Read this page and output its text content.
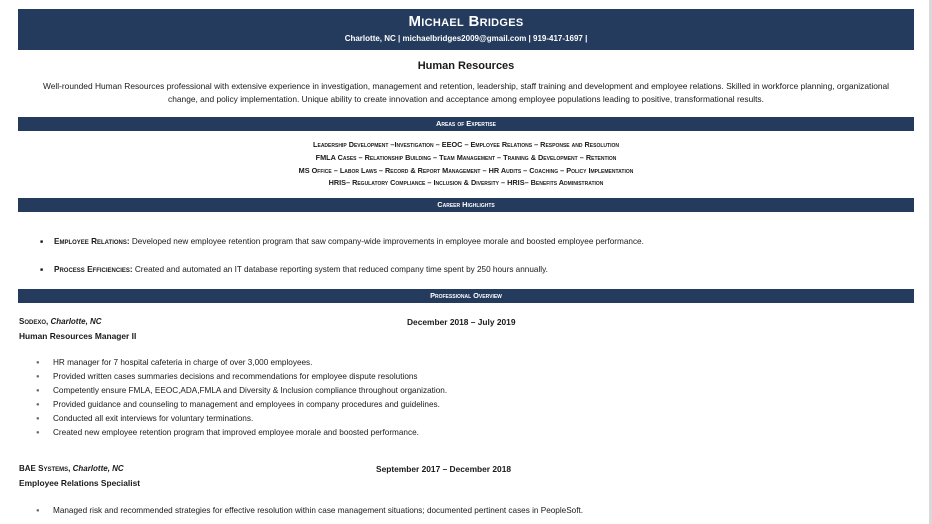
Michael Bridges
Charlotte, NC | michaelbridges2009@gmail.com | 919-417-1697 |
Human Resources
Well-rounded Human Resources professional with extensive experience in investigation, management and retention, leadership, staff training and development and employee relations. Skilled in workforce planning, organizational change, and policy implementation. Unique ability to create innovation and acceptance among employee populations leading to positive, transformational results.
Areas of Expertise
Leadership Development –Investigation – EEOC – Employee Relations – Response and Resolution
FMLA Cases – Relationship Building – Team Management – Training & Development – Retention
MS Office – Labor Laws – Record & Report Management – HR Audits – Coaching – Policy Implementation
HRIS– Regulatory Compliance – Inclusion & Diversity – HRIS– Benefits Administration
Career Highlights
■ Employee Relations: Developed new employee retention program that saw company-wide improvements in employee morale and boosted employee performance.
■ Process Efficiencies: Created and automated an IT database reporting system that reduced company time spent by 250 hours annually.
Professional Overview
Sodexo, Charlotte, NC	December 2018 – July 2019
Human Resources Manager II
● HR manager for 7 hospital cafeteria in charge of over 3,000 employees.
● Provided written cases summaries decisions and recommendations for employee dispute resolutions
● Competently ensure FMLA, EEOC,ADA,FMLA and Diversity & Inclusion compliance throughout organization.
● Provided guidance and counseling to management and employees in company procedures and guidelines.
● Conducted all exit interviews for voluntary terminations.
● Created new employee retention program that improved employee morale and boosted performance.
BAE Systems, Charlotte, NC	September 2017 – December 2018
Employee Relations Specialist
● Managed risk and recommended strategies for effective resolution within case management situations; documented pertinent cases in PeopleSoft.
